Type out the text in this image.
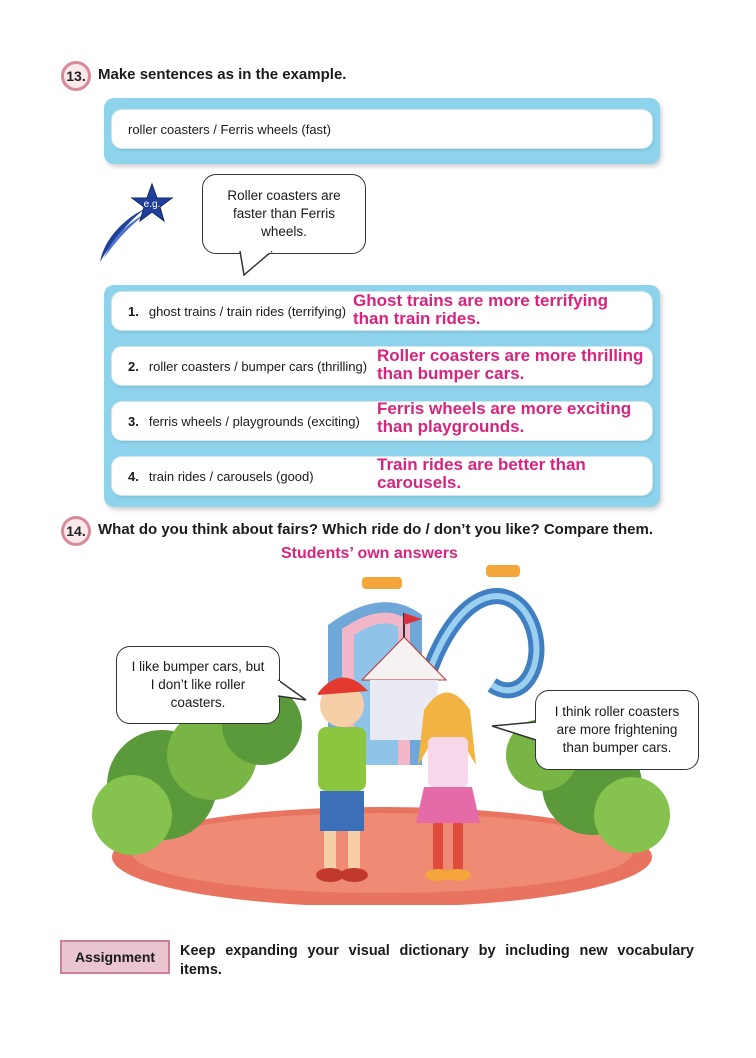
13. Make sentences as in the example.
roller coasters / Ferris wheels (fast)
e.g.
Roller coasters are faster than Ferris wheels.
1. ghost trains / train rides (terrifying)
2. roller coasters / bumper cars (thrilling)
3. ferris wheels / playgrounds (exciting)
4. train rides / carousels (good)
Ghost trains are more terrifying
than train rides.
Roller coasters are more thrilling
than bumper cars.
Ferris wheels are more exciting
than playgrounds.
Train rides are better than
carousels.
14. What do you think about fairs? Which ride do / don’t you like? Compare them.
Students’ own answers
I like bumper cars, but I don’t like roller coasters.
I think roller coasters are more frightening than bumper cars.
Assignment	Keep expanding your visual dictionary by including new vocabulary items.
